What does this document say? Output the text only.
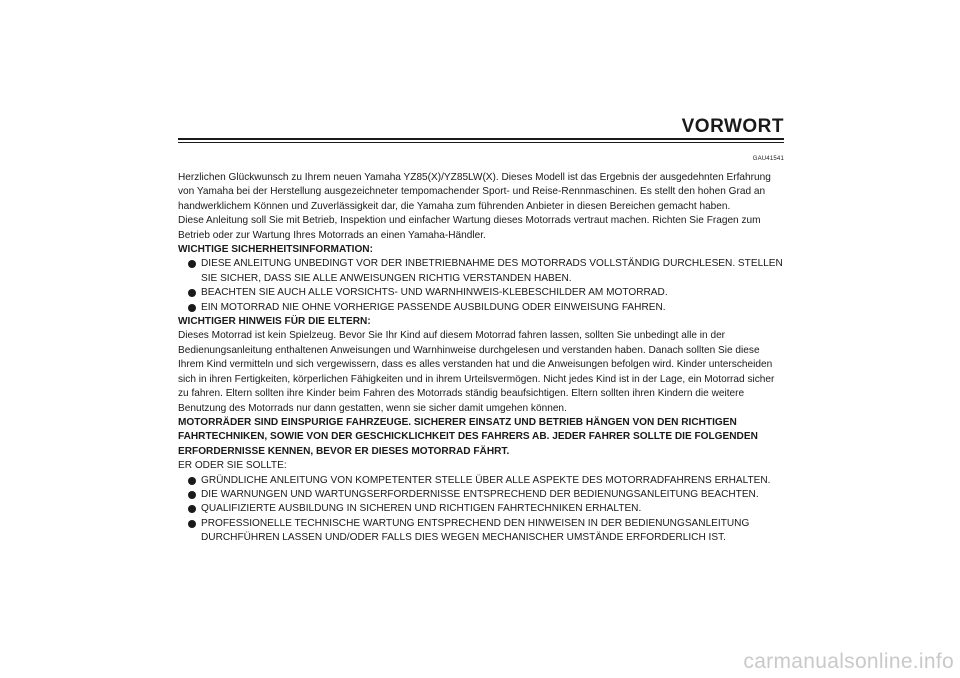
VORWORT
GAU41541

Herzlichen Glückwunsch zu Ihrem neuen Yamaha YZ85(X)/YZ85LW(X). Dieses Modell ist das Ergebnis der ausgedehnten Erfahrung von Yamaha bei der Herstellung ausgezeichneter tempomachender Sport- und Reise-Rennmaschinen. Es stellt den hohen Grad an handwerklichem Können und Zuverlässigkeit dar, die Yamaha zum führenden Anbieter in diesen Bereichen gemacht haben.

Diese Anleitung soll Sie mit Betrieb, Inspektion und einfacher Wartung dieses Motorrads vertraut machen. Richten Sie Fragen zum Betrieb oder zur Wartung Ihres Motorrads an einen Yamaha-Händler.

WICHTIGE SICHERHEITSINFORMATION:

DIESE ANLEITUNG UNBEDINGT VOR DER INBETRIEBNAHME DES MOTORRADS VOLLSTÄNDIG DURCHLESEN. STELLEN SIE SICHER, DASS SIE ALLE ANWEISUNGEN RICHTIG VERSTANDEN HABEN.
BEACHTEN SIE AUCH ALLE VORSICHTS- UND WARNHINWEIS-KLEBESCHILDER AM MOTORRAD.
EIN MOTORRAD NIE OHNE VORHERIGE PASSENDE AUSBILDUNG ODER EINWEISUNG FAHREN.

WICHTIGER HINWEIS FÜR DIE ELTERN:

Dieses Motorrad ist kein Spielzeug. Bevor Sie Ihr Kind auf diesem Motorrad fahren lassen, sollten Sie unbedingt alle in der Bedienungsanleitung enthaltenen Anweisungen und Warnhinweise durchgelesen und verstanden haben. Danach sollten Sie diese Ihrem Kind vermitteln und sich vergewissern, dass es alles verstanden hat und die Anweisungen befolgen wird. Kinder unterscheiden sich in ihren Fertigkeiten, körperlichen Fähigkeiten und in ihrem Urteilsvermögen. Nicht jedes Kind ist in der Lage, ein Motorrad sicher zu fahren. Eltern sollten ihre Kinder beim Fahren des Motorrads ständig beaufsichtigen. Eltern sollten ihren Kindern die weitere Benutzung des Motorrads nur dann gestatten, wenn sie sicher damit umgehen können.

MOTORRÄDER SIND EINSPURIGE FAHRZEUGE. SICHERER EINSATZ UND BETRIEB HÄNGEN VON DEN RICHTIGEN FAHRTECHNIKEN, SOWIE VON DER GESCHICKLICHKEIT DES FAHRERS AB. JEDER FAHRER SOLLTE DIE FOLGENDEN ERFORDERNISSE KENNEN, BEVOR ER DIESES MOTORRAD FÄHRT.

ER ODER SIE SOLLTE:

GRÜNDLICHE ANLEITUNG VON KOMPETENTER STELLE ÜBER ALLE ASPEKTE DES MOTORRADFAHRENS ERHALTEN.
DIE WARNUNGEN UND WARTUNGSERFORDERNISSE ENTSPRECHEND DER BEDIENUNGSANLEITUNG BEACHTEN.
QUALIFIZIERTE AUSBILDUNG IN SICHEREN UND RICHTIGEN FAHRTECHNIKEN ERHALTEN.
PROFESSIONELLE TECHNISCHE WARTUNG ENTSPRECHEND DEN HINWEISEN IN DER BEDIENUNGSANLEITUNG DURCHFÜHREN LASSEN UND/ODER FALLS DIES WEGEN MECHANISCHER UMSTÄNDE ERFORDERLICH IST.
carmanualsonline.info
